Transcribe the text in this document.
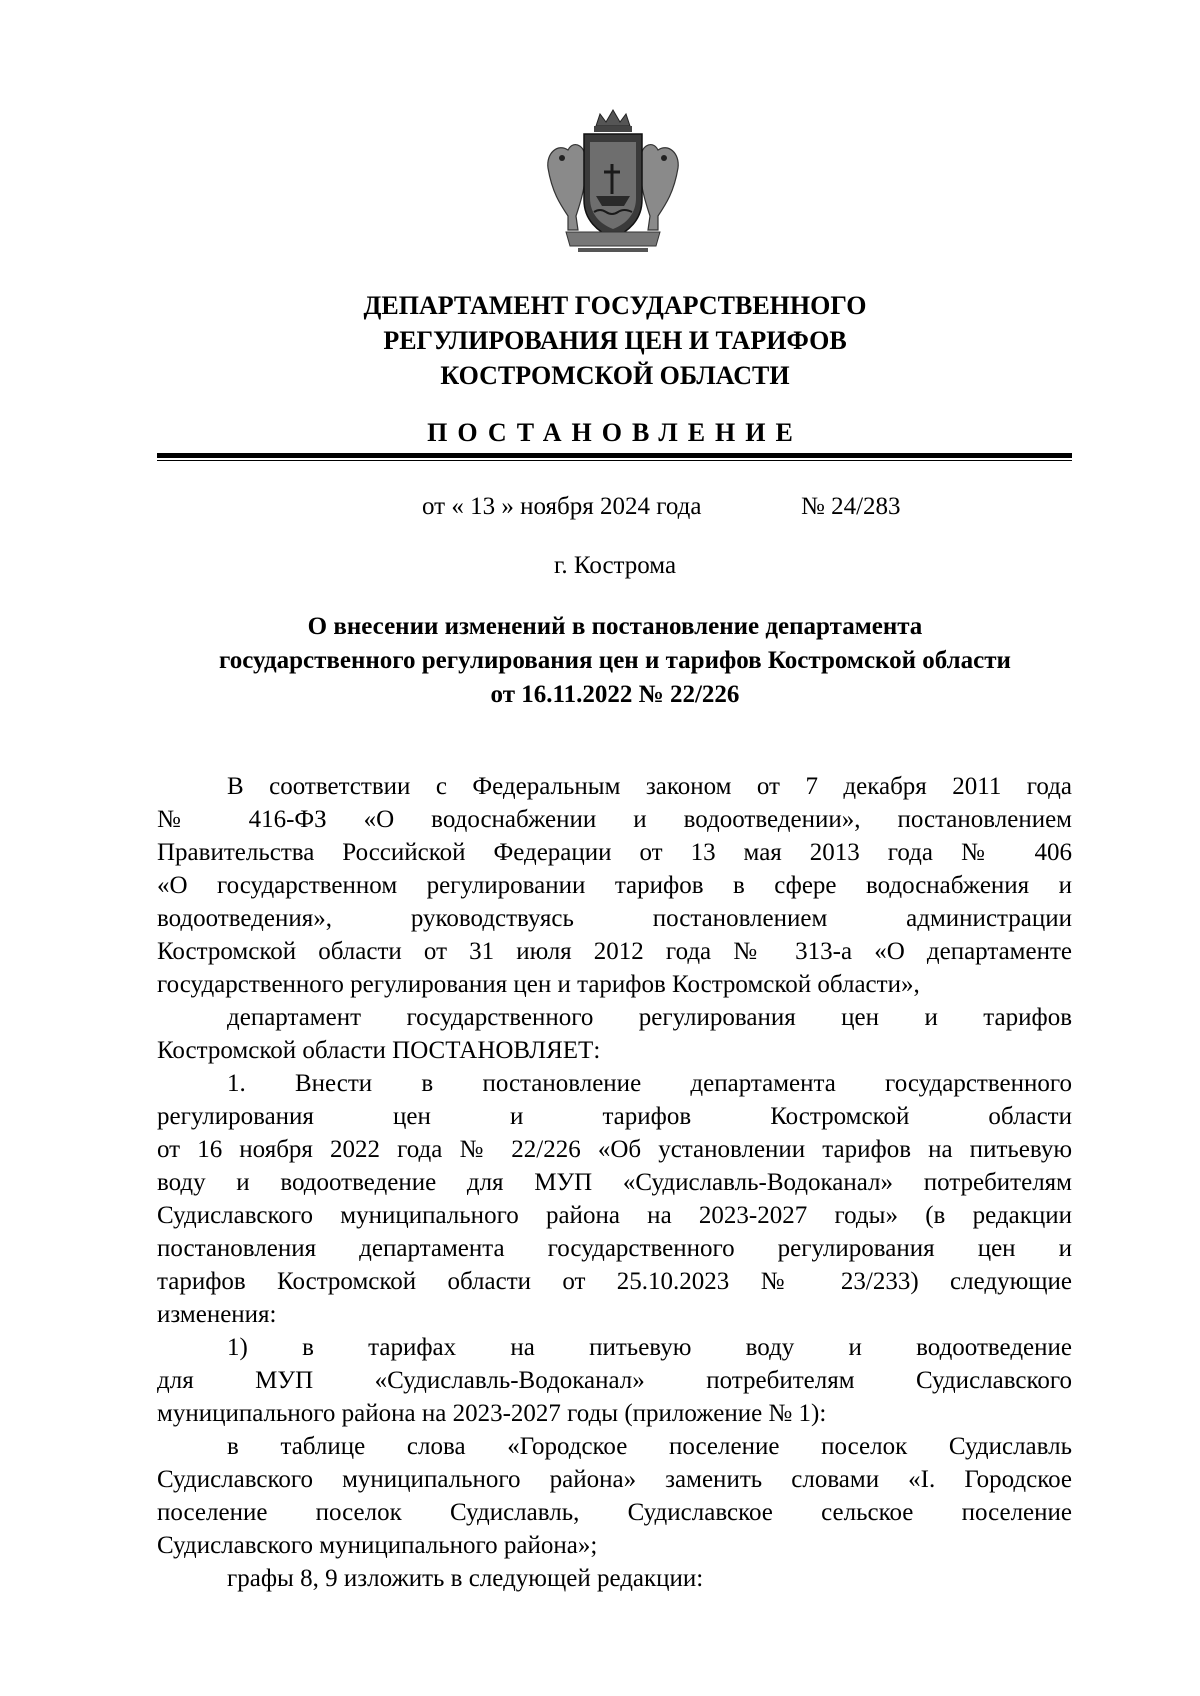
ДЕПАРТАМЕНТ ГОСУДАРСТВЕННОГО
РЕГУЛИРОВАНИЯ ЦЕН И ТАРИФОВ
КОСТРОМСКОЙ ОБЛАСТИ
ПОСТАНОВЛЕНИЕ
от « 13 » ноября 2024 года	№ 24/283
г. Кострома
О внесении изменений в постановление департамента
государственного регулирования цен и тарифов Костромской области
от 16.11.2022 № 22/226
В соответствии с Федеральным законом от 7 декабря 2011 года
№ 416-ФЗ «О водоснабжении и водоотведении», постановлением
Правительства Российской Федерации от 13 мая 2013 года № 406
«О государственном регулировании тарифов в сфере водоснабжения и
водоотведения», руководствуясь постановлением администрации
Костромской области от 31 июля 2012 года № 313-а «О департаменте
государственного регулирования цен и тарифов Костромской области»,
департамент государственного регулирования цен и тарифов
Костромской области ПОСТАНОВЛЯЕТ:
1. Внести в постановление департамента государственного
регулирования цен и тарифов Костромской области
от 16 ноября 2022 года № 22/226 «Об установлении тарифов на питьевую
воду и водоотведение для МУП «Судиславль-Водоканал» потребителям
Судиславского муниципального района на 2023-2027 годы» (в редакции
постановления департамента государственного регулирования цен и
тарифов Костромской области от 25.10.2023 № 23/233) следующие
изменения:
1) в тарифах на питьевую воду и водоотведение
для МУП «Судиславль-Водоканал» потребителям Судиславского
муниципального района на 2023-2027 годы (приложение № 1):
в таблице слова «Городское поселение поселок Судиславль
Судиславского муниципального района» заменить словами «I. Городское
поселение поселок Судиславль, Судиславское сельское поселение
Судиславского муниципального района»;
графы 8, 9 изложить в следующей редакции:
